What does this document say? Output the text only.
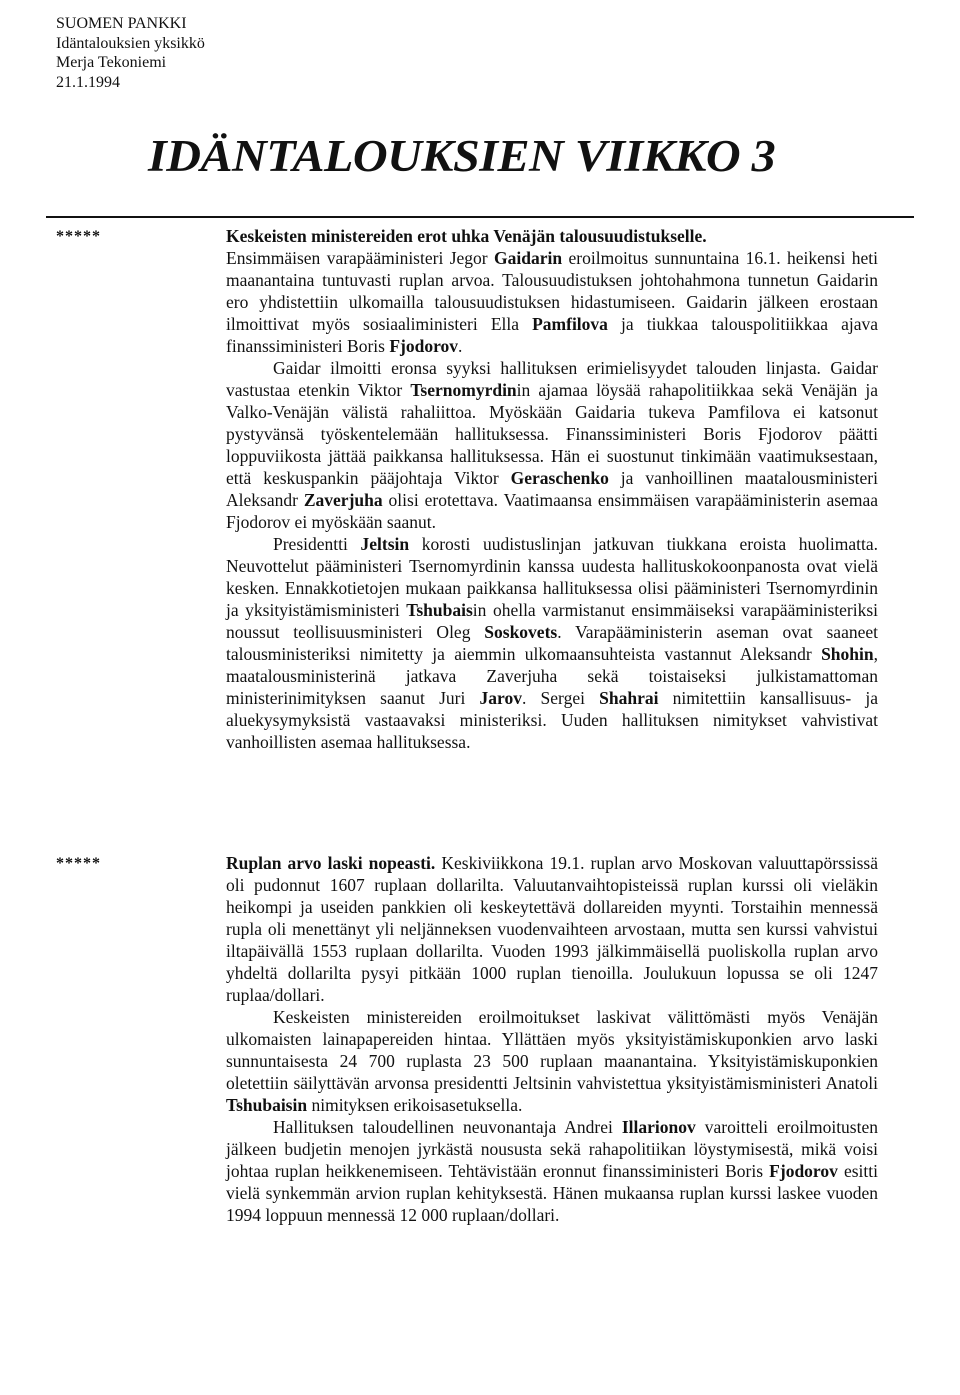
SUOMEN PANKKI
Idäntalouksien yksikkö
Merja Tekoniemi
21.1.1994
IDÄNTALOUKSIEN VIIKKO 3
*****	Keskeisten ministereiden erot uhka Venäjän talousuudistukselle.

Ensimmäisen varapääministeri Jegor Gaidarin eroilmoitus sunnuntaina 16.1. heikensi heti maanantaina tuntuvasti ruplan arvoa. Talousuudistuksen johtohahmona tunnetun Gaidarin ero yhdistettiin ulkomailla talousuudistuksen hidastumiseen. Gaidarin jälkeen erostaan ilmoittivat myös sosiaaliministeri Ella Pamfilova ja tiukkaa talouspolitiikkaa ajava finanssiministeri Boris Fjodorov.

Gaidar ilmoitti eronsa syyksi hallituksen erimielisyydet talouden linjasta. Gaidar vastustaa etenkin Viktor Tsernomyrdinin ajamaa löysää rahapolitiikkaa sekä Venäjän ja Valko-Venäjän välistä rahaliittoa. Myöskään Gaidaria tukeva Pamfilova ei katsonut pystyvänsä työskentelemään hallituksessa. Finanssiministeri Boris Fjodorov päätti loppuviikosta jättää paikkansa hallituksessa. Hän ei suostunut tinkimään vaatimuksestaan, että keskuspankin pääjohtaja Viktor Geraschenko ja vanhoillinen maatalousministeri Aleksandr Zaverjuha olisi erotettava. Vaatimaansa ensimmäisen varapääministerin asemaa Fjodorov ei myöskään saanut.

Presidentti Jeltsin korosti uudistuslinjan jatkuvan tiukkana eroista huolimatta. Neuvottelut pääministeri Tsernomyrdinin kanssa uudesta hallituskokoonpanosta ovat vielä kesken. Ennakkotietojen mukaan paikkansa hallituksessa olisi pääministeri Tsernomyrdinin ja yksityistämisministeri Tshubaisin ohella varmistanut ensimmäiseksi varapääministeriksi noussut teollisuusministeri Oleg Soskovets. Varapääministerin aseman ovat saaneet talousministeriksi nimitetty ja aiemmin ulkomaansuhteista vastannut Aleksandr Shohin, maatalousministerinä jatkava Zaverjuha sekä toistaiseksi julkistamattoman ministerinimityksen saanut Juri Jarov. Sergei Shahrai nimitettiin kansallisuus- ja aluekysymyksistä vastaavaksi ministeriksi. Uuden hallituksen nimitykset vahvistivat vanhoillisten asemaa hallituksessa.

*****	Ruplan arvo laski nopeasti. Keskiviikkona 19.1. ruplan arvo Moskovan valuuttapörssissä oli pudonnut 1607 ruplaan dollarilta. Valuutanvaihtopisteissä ruplan kurssi oli vieläkin heikompi ja useiden pankkien oli keskeytettävä dollareiden myynti. Torstaihin mennessä rupla oli menettänyt yli neljänneksen vuodenvaihteen arvostaan, mutta sen kurssi vahvistui iltapäivällä 1553 ruplaan dollarilta. Vuoden 1993 jälkimmäisellä puoliskolla ruplan arvo yhdeltä dollarilta pysyi pitkään 1000 ruplan tienoilla. Joulukuun lopussa se oli 1247 ruplaa/dollari.

Keskeisten ministereiden eroilmoitukset laskivat välittömästi myös Venäjän ulkomaisten lainapapereiden hintaa. Yllättäen myös yksityistämiskuponkien arvo laski sunnuntaisesta 24 700 ruplasta 23 500 ruplaan maanantaina. Yksityistämiskuponkien oletettiin säilyttävän arvonsa presidentti Jeltsinin vahvistettua yksityistämisministeri Anatoli Tshubaisin nimityksen erikoisasetuksella.

Hallituksen taloudellinen neuvonantaja Andrei Illarionov varoitteli eroilmoitusten jälkeen budjetin menojen jyrkästä noususta sekä rahapolitiikan löystymisestä, mikä voisi johtaa ruplan heikkenemiseen. Tehtävistään eronnut finanssiministeri Boris Fjodorov esitti vielä synkemmän arvion ruplan kehityksestä. Hänen mukaansa ruplan kurssi laskee vuoden 1994 loppuun mennessä 12 000 ruplaan/dollari.
